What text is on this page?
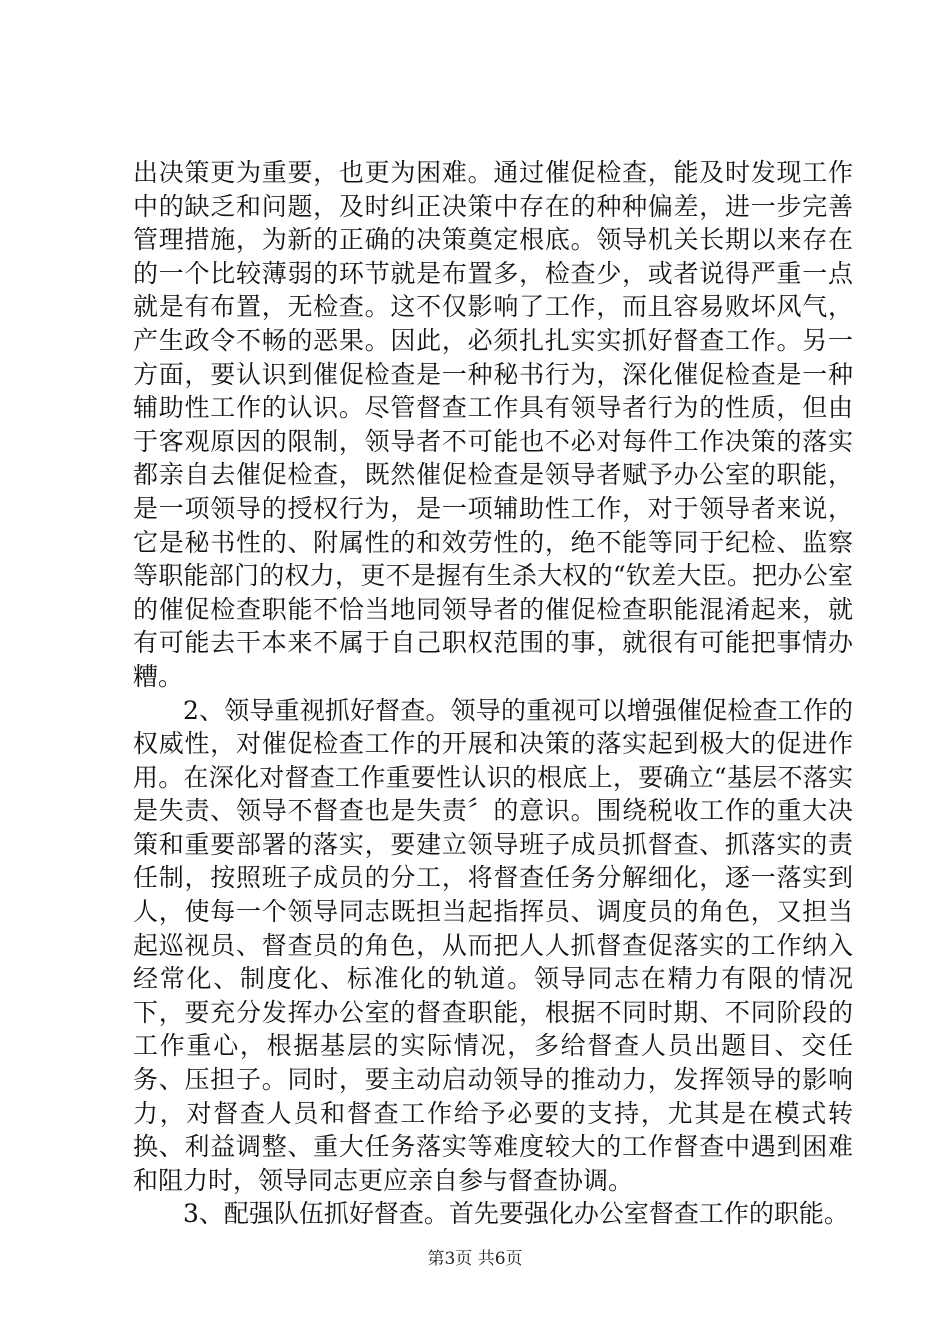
出决策更为重要，也更为困难。通过催促检查，能及时发现工作中的缺乏和问题，及时纠正决策中存在的种种偏差，进一步完善管理措施，为新的正确的决策奠定根底。领导机关长期以来存在的一个比较薄弱的环节就是布置多，检查少，或者说得严重一点就是有布置，无检查。这不仅影响了工作，而且容易败坏风气，产生政令不畅的恶果。因此，必须扎扎实实抓好督查工作。另一方面，要认识到催促检查是一种秘书行为，深化催促检查是一种辅助性工作的认识。尽管督查工作具有领导者行为的性质，但由于客观原因的限制，领导者不可能也不必对每件工作决策的落实都亲自去催促检查，既然催促检查是领导者赋予办公室的职能，是一项领导的授权行为，是一项辅助性工作，对于领导者来说，它是秘书性的、附属性的和效劳性的，绝不能等同于纪检、监察等职能部门的权力，更不是握有生杀大权的“钦差大臣。把办公室的催促检查职能不恰当地同领导者的催促检查职能混淆起来，就有可能去干本来不属于自己职权范围的事，就很有可能把事情办糟。

2、领导重视抓好督查。领导的重视可以增强催促检查工作的权威性，对催促检查工作的开展和决策的落实起到极大的促进作用。在深化对督查工作重要性认识的根底上，要确立“基层不落实是失责、领导不督查也是失责〞的意识。围绕税收工作的重大决策和重要部署的落实，要建立领导班子成员抓督查、抓落实的责任制，按照班子成员的分工，将督查任务分解细化，逐一落实到人，使每一个领导同志既担当起指挥员、调度员的角色，又担当起巡视员、督查员的角色，从而把人人抓督查促落实的工作纳入经常化、制度化、标准化的轨道。领导同志在精力有限的情况下，要充分发挥办公室的督查职能，根据不同时期、不同阶段的工作重心，根据基层的实际情况，多给督查人员出题目、交任务、压担子。同时，要主动启动领导的推动力，发挥领导的影响力，对督查人员和督查工作给予必要的支持，尤其是在模式转换、利益调整、重大任务落实等难度较大的工作督查中遇到困难和阻力时，领导同志更应亲自参与督查协调。

3、配强队伍抓好督查。首先要强化办公室督查工作的职能。

第3页 共6页
